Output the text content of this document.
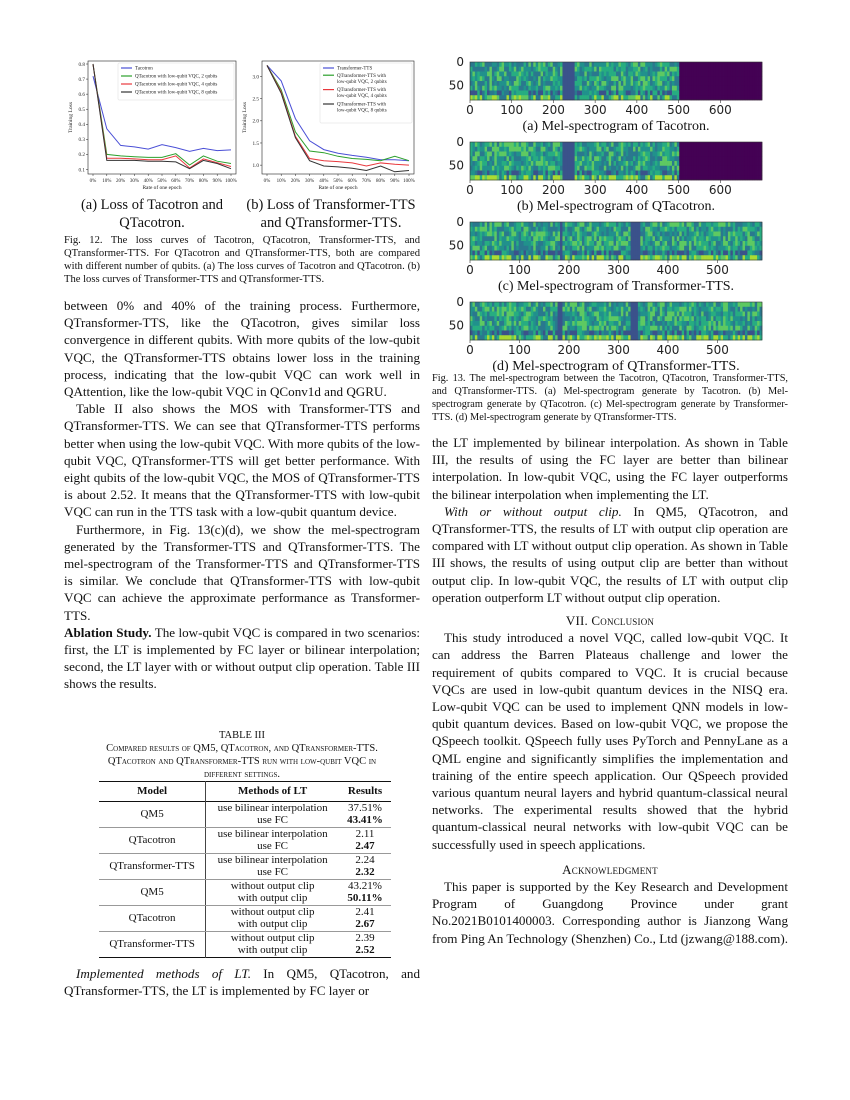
0.1
0.2
0.3
0.4
0.5
0.6
0.7
0.8
0% 10% 20% 30% 40% 50% 60% 70% 80% 90% 100%
Rate of one epoch
Training Loss
Tacotron
QTacotron with low-qubit VQC, 2 qubits
QTacotron with low-qubit VQC, 4 qubits
QTacotron with low-qubit VQC, 8 qubits
1.0
1.5
2.0
2.5
3.0
0% 10% 20% 30% 40% 50% 60% 70% 80% 90% 100%
Rate of one epoch
Training Loss
Transformer-TTS
QTransformer-TTS with
low-qubit VQC, 2 qubits
QTransformer-TTS with
low-qubit VQC, 4 qubits
QTransformer-TTS with
low-qubit VQC, 8 qubits
(a) Loss of Tacotron and
QTacotron.
(b) Loss of Transformer-TTS
and QTransformer-TTS.
Fig. 12. The loss curves of Tacotron, QTacotron, Transformer-TTS, and QTransformer-TTS. For QTacotron and QTransformer-TTS, both are compared with different number of qubits. (a) The loss curves of Tacotron and QTacotron. (b) The loss curves of Transformer-TTS and QTransformer-TTS.

between 0% and 40% of the training process. Furthermore, QTransformer-TTS, like the QTacotron, gives similar loss convergence in different qubits. With more qubits of the low-qubit VQC, the QTransformer-TTS obtains lower loss in the training process, indicating that the low-qubit VQC can work well in QAttention, like the low-qubit VQC in QConv1d and QGRU.

Table II also shows the MOS with Transformer-TTS and QTransformer-TTS. We can see that QTransformer-TTS performs better when using the low-qubit VQC. With more qubits of the low-qubit VQC, QTransformer-TTS will get better performance. With eight qubits of the low-qubit VQC, the MOS of QTransformer-TTS is about 2.52. It means that the QTransformer-TTS with low-qubit VQC can run in the TTS task with a low-qubit quantum device.

Furthermore, in Fig. 13(c)(d), we show the mel-spectrogram generated by the Transformer-TTS and QTransformer-TTS. The mel-spectrogram of the Transformer-TTS and QTransformer-TTS is similar. We conclude that QTransformer-TTS with low-qubit VQC can achieve the approximate performance as Transformer-TTS.

Ablation Study. The low-qubit VQC is compared in two scenarios: first, the LT is implemented by FC layer or bilinear interpolation; second, the LT layer with or without output clip operation. Table III shows the results.

TABLE III
Compared results of QM5, QTacotron, and QTransformer-TTS.
QTacotron and QTransformer-TTS run with low-qubit VQC in
different settings.
Model	Methods of LT	Results
QM5	use bilinear interpolation	37.51%
	use FC	43.41%
QTacotron	use bilinear interpolation	2.11
	use FC	2.47
QTransformer-TTS	use bilinear interpolation	2.24
	use FC	2.32
QM5	without output clip	43.21%
	with output clip	50.11%
QTacotron	without output clip	2.41
	with output clip	2.67
QTransformer-TTS	without output clip	2.39
	with output clip	2.52

Implemented methods of LT. In QM5, QTacotron, and QTransformer-TTS, the LT is implemented by FC layer or

0
50
0 100 200 300 400 500 600
(a) Mel-spectrogram of Tacotron.
0
50
0 100 200 300 400 500 600
(b) Mel-spectrogram of QTacotron.
0
50
0	100 200 300 400 500
(c) Mel-spectrogram of Transformer-TTS.
0
50
0	100 200 300 400 500
(d) Mel-spectrogram of QTransformer-TTS.
Fig. 13. The mel-spectrogram between the Tacotron, QTacotron, Transformer-TTS, and QTransformer-TTS. (a) Mel-spectrogram generate by Tacotron. (b) Mel-spectrogram generate by QTacotron. (c) Mel-spectrogram generate by Transformer-TTS. (d) Mel-spectrogram generate by QTransformer-TTS.

the LT implemented by bilinear interpolation. As shown in Table III, the results of using the FC layer are better than bilinear interpolation. In low-qubit VQC, using the FC layer outperforms the bilinear interpolation when implementing the LT.

With or without output clip. In QM5, QTacotron, and QTransformer-TTS, the results of LT with output clip operation are compared with LT without output clip operation. As shown in Table III shows, the results of using output clip are better than without output clip. In low-qubit VQC, the results of LT with output clip operation outperform LT without output clip operation.

VII. Conclusion

This study introduced a novel VQC, called low-qubit VQC. It can address the Barren Plateaus challenge and lower the requirement of qubits compared to VQC. It is crucial because VQCs are used in low-qubit quantum devices in the NISQ era. Low-qubit VQC can be used to implement QNN models in low-qubit quantum devices. Based on low-qubit VQC, we propose the QSpeech toolkit. QSpeech fully uses PyTorch and PennyLane as a QML engine and significantly simplifies the implementation and training of the entire speech application. Our QSpeech provided various quantum neural layers and hybrid quantum-classical neural networks. The experimental results showed that the hybrid quantum-classical neural networks with low-qubit VQC can be successfully used in speech applications.

Acknowledgment

This paper is supported by the Key Research and Development Program of Guangdong Province under grant No.2021B0101400003. Corresponding author is Jianzong Wang from Ping An Technology (Shenzhen) Co., Ltd (jzwang@188.com).
